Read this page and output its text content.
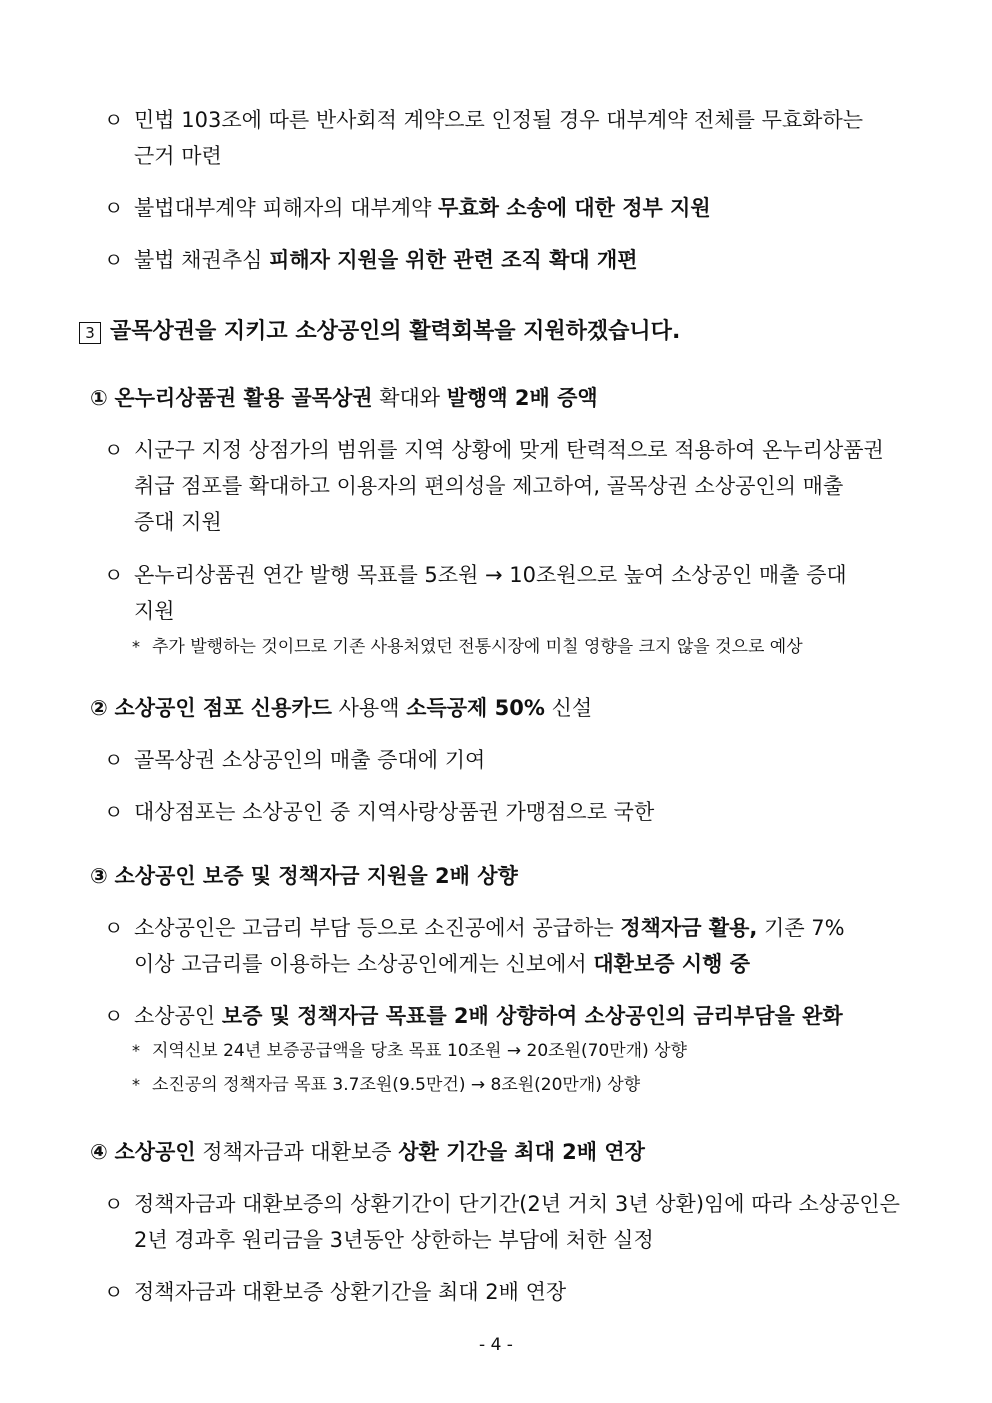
ㅇ 민법 103조에 따른 반사회적 계약으로 인정될 경우 대부계약 전체를 무효화하는
근거 마련
ㅇ 불법대부계약 피해자의 대부계약 무효화 소송에 대한 정부 지원
ㅇ 불법 채권추심 피해자 지원을 위한 관련 조직 확대 개편
3 골목상권을 지키고 소상공인의 활력회복을 지원하겠습니다.
① 온누리상품권 활용 골목상권 확대와 발행액 2배 증액
ㅇ 시군구 지정 상점가의 범위를 지역 상황에 맞게 탄력적으로 적용하여 온누리상품권
취급 점포를 확대하고 이용자의 편의성을 제고하여, 골목상권 소상공인의 매출
증대 지원
ㅇ 온누리상품권 연간 발행 목표를 5조원 → 10조원으로 높여 소상공인 매출 증대
지원
* 추가 발행하는 것이므로 기존 사용처였던 전통시장에 미칠 영향을 크지 않을 것으로 예상
② 소상공인 점포 신용카드 사용액 소득공제 50% 신설
ㅇ 골목상권 소상공인의 매출 증대에 기여
ㅇ 대상점포는 소상공인 중 지역사랑상품권 가맹점으로 국한
③ 소상공인 보증 및 정책자금 지원을 2배 상향
ㅇ 소상공인은 고금리 부담 등으로 소진공에서 공급하는 정책자금 활용, 기존 7%
이상 고금리를 이용하는 소상공인에게는 신보에서 대환보증 시행 중
ㅇ 소상공인 보증 및 정책자금 목표를 2배 상향하여 소상공인의 금리부담을 완화
* 지역신보 24년 보증공급액을 당초 목표 10조원 → 20조원(70만개) 상향
* 소진공의 정책자금 목표 3.7조원(9.5만건) → 8조원(20만개) 상향
④ 소상공인 정책자금과 대환보증 상환 기간을 최대 2배 연장
ㅇ 정책자금과 대환보증의 상환기간이 단기간(2년 거치 3년 상환)임에 따라 소상공인은
2년 경과후 원리금을 3년동안 상한하는 부담에 처한 실정
ㅇ 정책자금과 대환보증 상환기간을 최대 2배 연장
- 4 -
